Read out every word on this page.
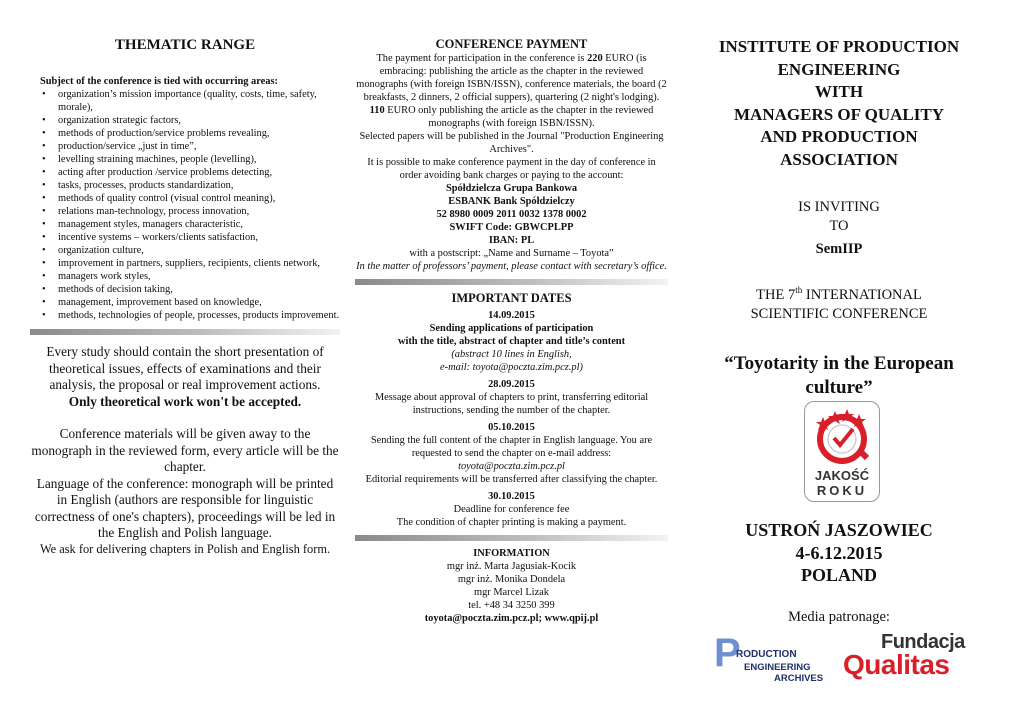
THEMATIC RANGE
Subject of the conference is tied with occurring areas:
• organization’s mission importance (quality, costs, time, safety, morale),
• organization strategic factors,
• methods of production/service problems revealing,
• production/service „just in time”,
• levelling straining machines, people (levelling),
• acting after production /service problems detecting,
• tasks, processes, products standardization,
• methods of quality control (visual control meaning),
• relations man-technology, process innovation,
• management styles, managers characteristic,
• incentive systems – workers/clients satisfaction,
• organization culture,
• improvement in partners, suppliers, recipients, clients network,
• managers work styles,
• methods of decision taking,
• management, improvement based on knowledge,
• methods, technologies of people, processes, products improvement.

Every study should contain the short presentation of theoretical issues, effects of examinations and their analysis, the proposal or real improvement actions.

Only theoretical work won't be accepted.

Conference materials will be given away to the monograph in the reviewed form, every article will be the chapter.

Language of the conference: monograph will be printed in English (authors are responsible for linguistic correctness of one's chapters), proceedings will be led in the English and Polish language.

We ask for delivering chapters in Polish and English form.

CONFERENCE PAYMENT
The payment for participation in the conference is 220 EURO (is embracing: publishing the article as the chapter in the reviewed monographs (with foreign ISBN/ISSN), conference materials, the board (2 breakfasts, 2 dinners, 2 official suppers), quartering (2 night's lodging).
110 EURO only publishing the article as the chapter in the reviewed monographs (with foreign ISBN/ISSN).
Selected papers will be published in the Journal "Production Engineering Archives".
It is possible to make conference payment in the day of conference in order avoiding bank charges or paying to the account:
Spółdzielcza Grupa Bankowa
ESBANK Bank Spółdzielczy
52 8980 0009 2011 0032 1378 0002
SWIFT Code: GBWCPLPP
IBAN: PL
with a postscript: „Name and Surname – Toyota”
In the matter of professors’ payment, please contact with secretary’s office.
IMPORTANT DATES
14.09.2015
Sending applications of participation
with the title, abstract of chapter and title’s content
(abstract 10 lines in English,
e-mail: toyota@poczta.zim.pcz.pl)
28.09.2015
Message about approval of chapters to print, transferring editorial instructions, sending the number of the chapter.
05.10.2015
Sending the full content of the chapter in English language. You are requested to send the chapter on e-mail address:
toyota@poczta.zim.pcz.pl
Editorial requirements will be transferred after classifying the chapter.
30.10.2015
Deadline for conference fee
The condition of chapter printing is making a payment.
INFORMATION
mgr inż. Marta Jagusiak-Kocik
mgr inż. Monika Dondela
mgr Marcel Lizak
tel. +48 34 3250 399
toyota@poczta.zim.pcz.pl; www.qpij.pl
INSTITUTE OF PRODUCTION
ENGINEERING
WITH
MANAGERS OF QUALITY
AND PRODUCTION
ASSOCIATION
IS INVITING
TO
SemIIP
THE 7th INTERNATIONAL
SCIENTIFIC CONFERENCE
“Toyotarity in the European culture”
JAKOŚĆ
ROKU
USTROŃ JASZOWIEC
4-6.12.2015
POLAND
Media patronage:
P
RODUCTION
ENGINEERING
ARCHIVES
Fundacja
Qualitas
